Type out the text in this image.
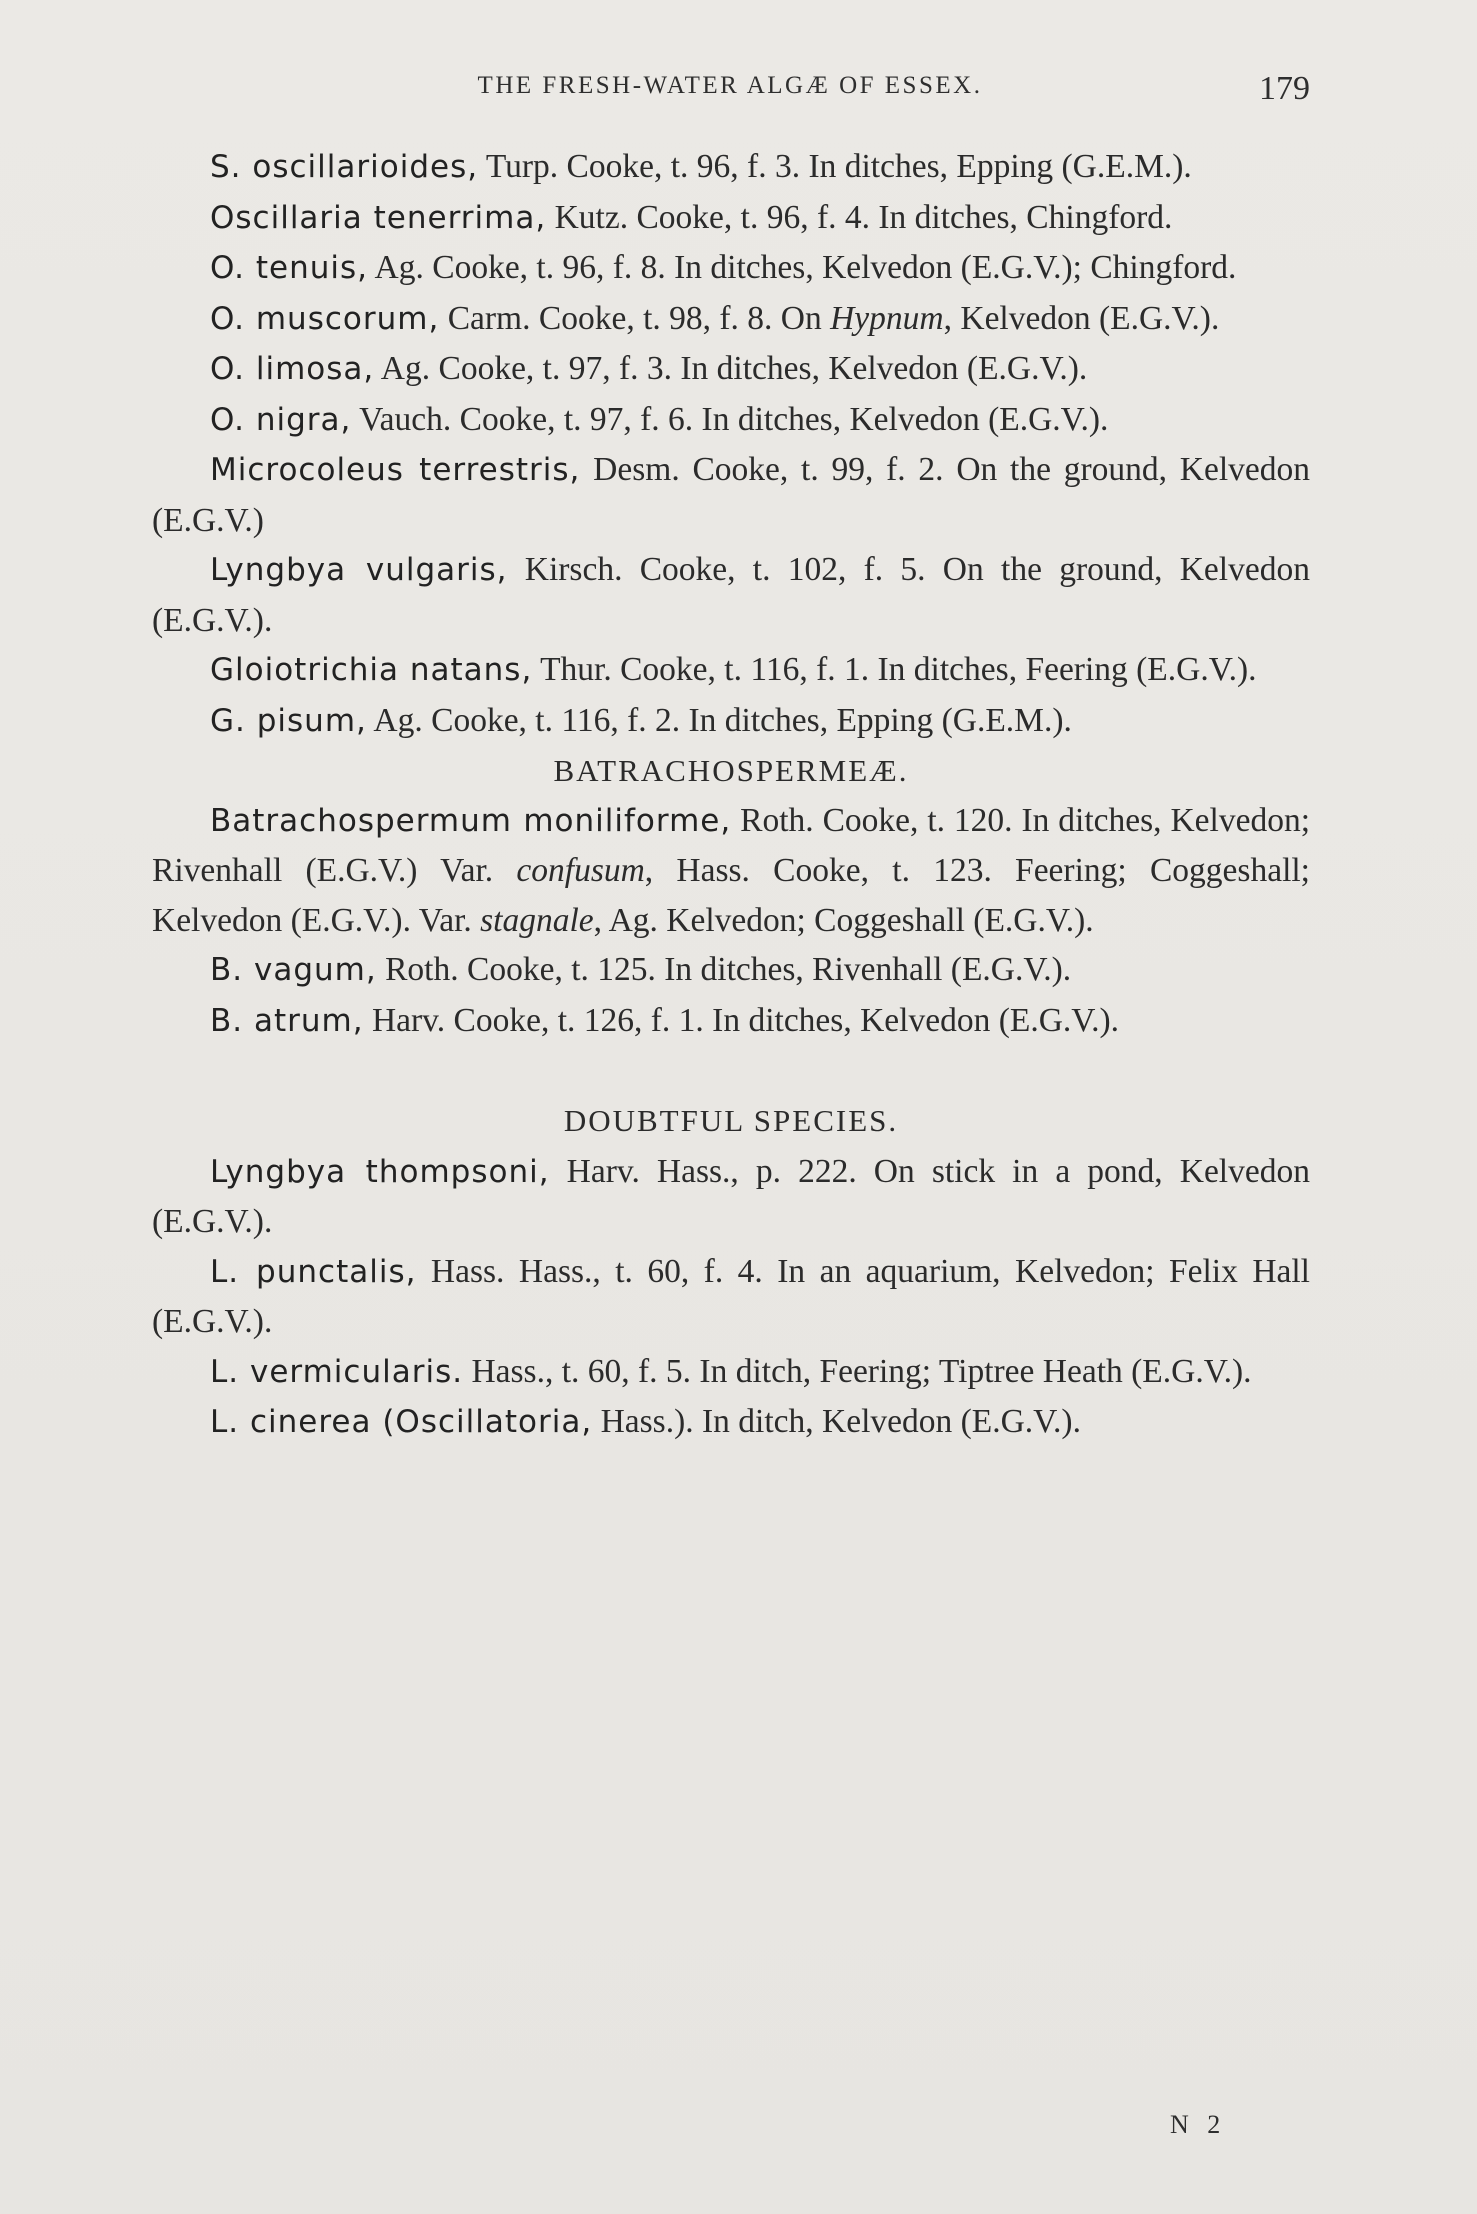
THE FRESH-WATER ALGÆ OF ESSEX.	179

S. oscillarioides, Turp. Cooke, t. 96, f. 3. In ditches, Epping (G.E.M.).

Oscillaria tenerrima, Kutz. Cooke, t. 96, f. 4. In ditches, Chingford.

O. tenuis, Ag. Cooke, t. 96, f. 8. In ditches, Kelvedon (E.G.V.); Chingford.

O. muscorum, Carm. Cooke, t. 98, f. 8. On Hypnum, Kelvedon (E.G.V.).

O. limosa, Ag. Cooke, t. 97, f. 3. In ditches, Kelvedon (E.G.V.).

O. nigra, Vauch. Cooke, t. 97, f. 6. In ditches, Kelvedon (E.G.V.).

Microcoleus terrestris, Desm. Cooke, t. 99, f. 2. On the ground, Kelvedon (E.G.V.)

Lyngbya vulgaris, Kirsch. Cooke, t. 102, f. 5. On the ground, Kelvedon (E.G.V.).

Gloiotrichia natans, Thur. Cooke, t. 116, f. 1. In ditches, Feering (E.G.V.).

G. pisum, Ag. Cooke, t. 116, f. 2. In ditches, Epping (G.E.M.).

BATRACHOSPERMEÆ.

Batrachospermum moniliforme, Roth. Cooke, t. 120. In ditches, Kelvedon; Rivenhall (E.G.V.) Var. confusum, Hass. Cooke, t. 123. Feering; Coggeshall; Kelvedon (E.G.V.). Var. stagnale, Ag. Kelvedon; Coggeshall (E.G.V.).

B. vagum, Roth. Cooke, t. 125. In ditches, Rivenhall (E.G.V.).

B. atrum, Harv. Cooke, t. 126, f. 1. In ditches, Kelvedon (E.G.V.).

DOUBTFUL SPECIES.

Lyngbya thompsoni, Harv. Hass., p. 222. On stick in a pond, Kelvedon (E.G.V.).

L. punctalis, Hass. Hass., t. 60, f. 4. In an aquarium, Kelvedon; Felix Hall (E.G.V.).

L. vermicularis. Hass., t. 60, f. 5. In ditch, Feering; Tiptree Heath (E.G.V.).

L. cinerea (Oscillatoria, Hass.). In ditch, Kelvedon (E.G.V.).

N 2
